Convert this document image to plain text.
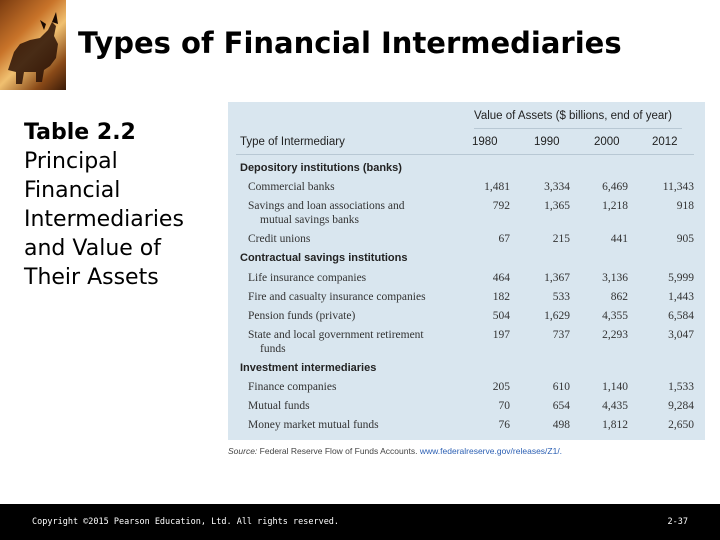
Types of Financial Intermediaries
Table 2.2
Principal Financial Intermediaries and Value of Their Assets
Value of Assets ($ billions, end of year)
Type of Intermediary	1980	1990	2000	2012
Depository institutions (banks)
Commercial banks	1,481	3,334	6,469	11,343
Savings and loan associations and
mutual savings banks
792	1,365	1,218	918
Credit unions	67	215	441	905
Contractual savings institutions
Life insurance companies	464	1,367	3,136	5,999
Fire and casualty insurance companies	182	533	862	1,443
Pension funds (private)	504	1,629	4,355	6,584
State and local government retirement
funds
197	737	2,293	3,047
Investment intermediaries
Finance companies	205	610	1,140	1,533
Mutual funds	70	654	4,435	9,284
Money market mutual funds	76	498	1,812	2,650
Source: Federal Reserve Flow of Funds Accounts. www.federalreserve.gov/releases/Z1/.
Copyright ©2015 Pearson Education, Ltd. All rights reserved.	2-37
